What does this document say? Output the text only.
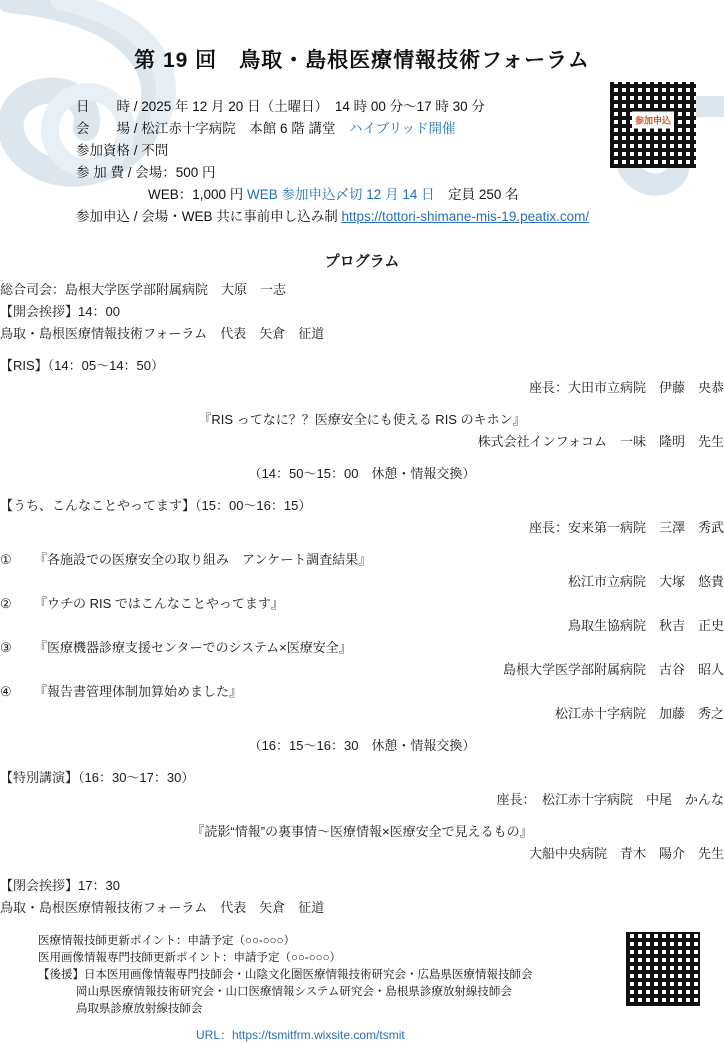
第 19 回　鳥取・島根医療情報技術フォーラム
日　　時 / 2025 年 12 月 20 日（土曜日）　14 時 00 分〜17 時 30 分
会　　場 / 松江赤十字病院　本館 6 階 講堂　ハイブリッド開催
参加資格 / 不問
参 加 費 / 会場：500 円
WEB：1,000 円 WEB 参加申込〆切 12 月 14 日　定員 250 名
参加申込 / 会場・WEB 共に事前申し込み制 https://tottori-shimane-mis-19.peatix.com/
参加申込
プログラム
総合司会：島根大学医学部附属病院　大原　一志
【開会挨拶】14：00
鳥取・島根医療情報技術フォーラム　代表　矢倉　征道
【RIS】（14：05〜14：50）
座長：大田市立病院　伊藤　央恭
『RIS ってなに？？医療安全にも使える RIS のキホン』
株式会社インフォコム　一味　隆明　先生
（14：50〜15：00　休憩・情報交換）
【うち、こんなことやってます】（15：00〜16：15）
座長：安来第一病院　三澤　秀武
① 『各施設での医療安全の取り組み　アンケート調査結果』
松江市立病院　大塚　悠貴
② 『ウチの RIS ではこんなことやってます』
鳥取生協病院　秋吉　正史
③ 『医療機器診療支援センターでのシステム×医療安全』
島根大学医学部附属病院　古谷　昭人
④ 『報告書管理体制加算始めました』
松江赤十字病院　加藤　秀之
（16：15〜16：30　休憩・情報交換）
【特別講演】（16：30〜17：30）
座長：　松江赤十字病院　中尾　かんな
『読影“情報”の裏事情〜医療情報×医療安全で見えるもの』
大船中央病院　青木　陽介　先生
【閉会挨拶】17：30
鳥取・島根医療情報技術フォーラム　代表　矢倉　征道
医療情報技師更新ポイント：申請予定（○○-○○○）
医用画像情報専門技師更新ポイント：申請予定（○○-○○○）
【後援】日本医用画像情報専門技師会・山陰文化圏医療情報技術研究会・広島県医療情報技師会
岡山県医療情報技術研究会・山口医療情報システム研究会・島根県診療放射線技師会
鳥取県診療放射線技師会
URL：https://tsmitfrm.wixsite.com/tsmit
